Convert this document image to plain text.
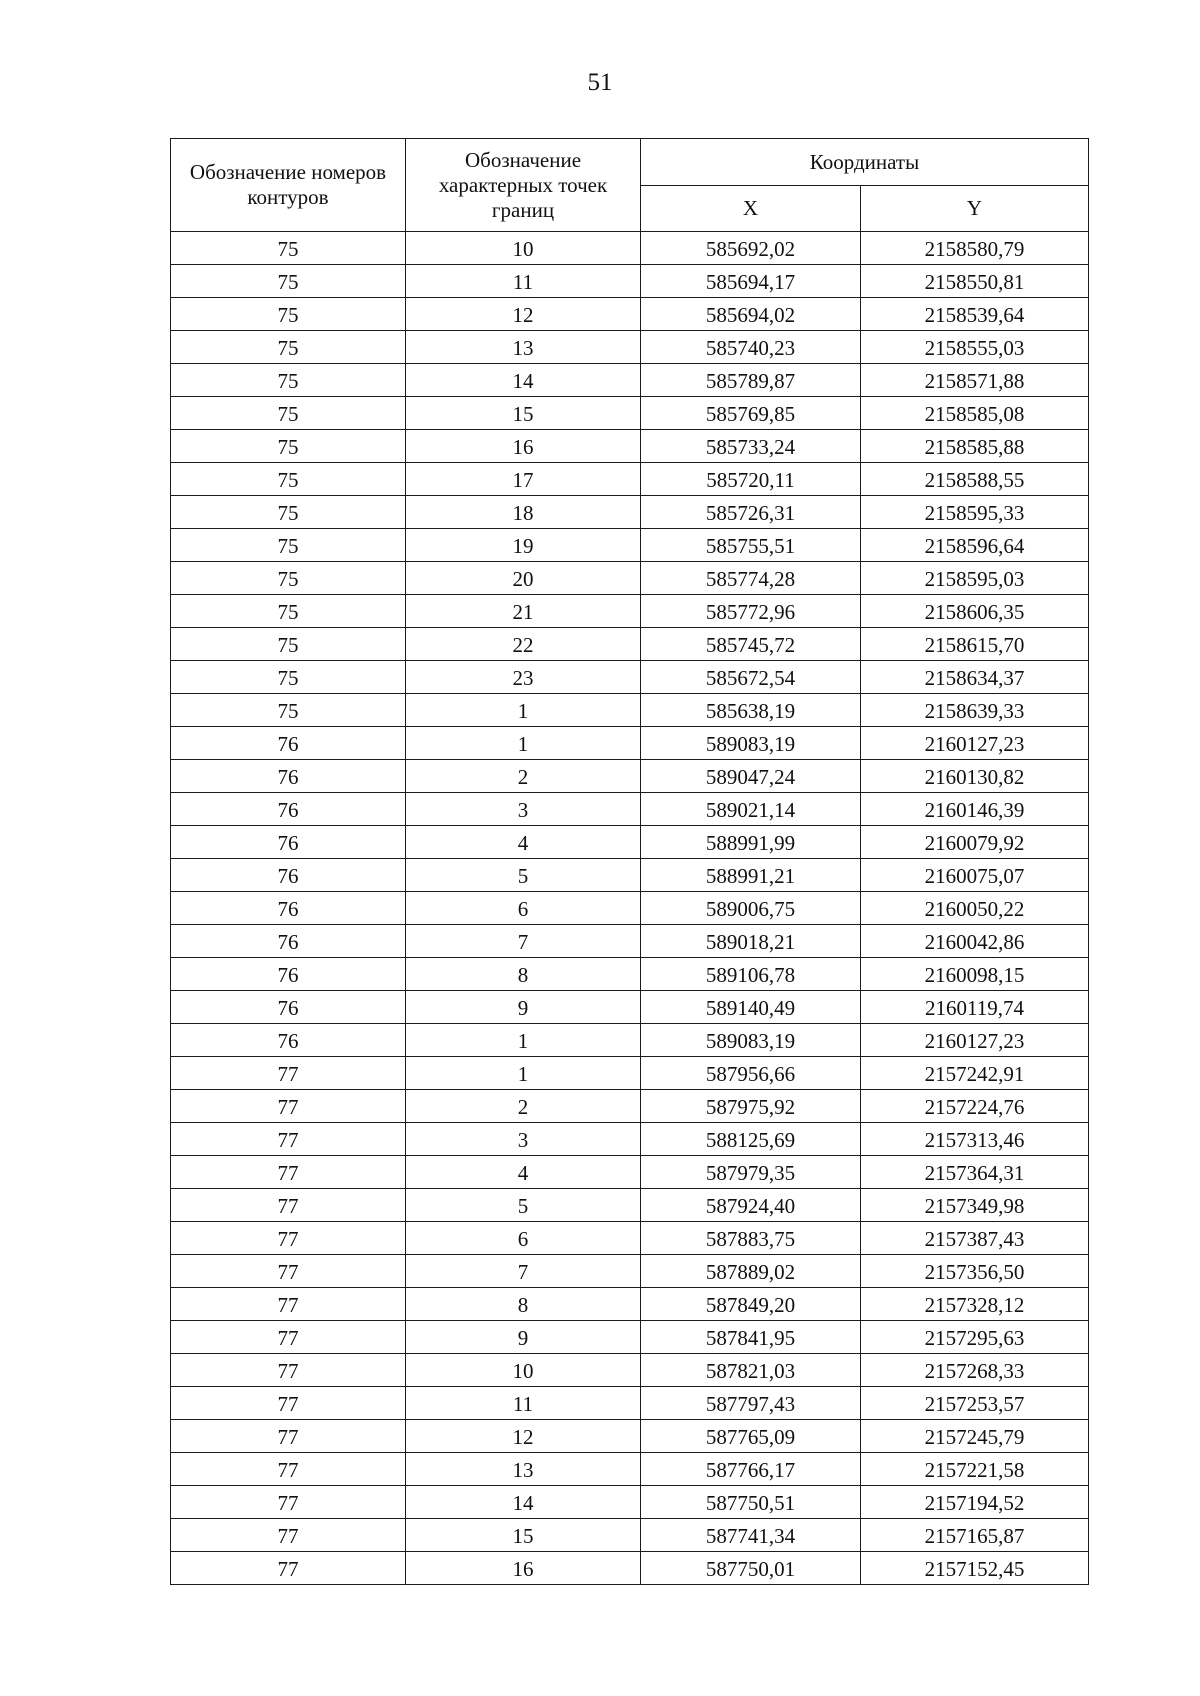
51
Обозначение номеров контуров	Обозначение характерных точек границ	Координаты	
		X	Y
75	10	585692,02	2158580,79
75	11	585694,17	2158550,81
75	12	585694,02	2158539,64
75	13	585740,23	2158555,03
75	14	585789,87	2158571,88
75	15	585769,85	2158585,08
75	16	585733,24	2158585,88
75	17	585720,11	2158588,55
75	18	585726,31	2158595,33
75	19	585755,51	2158596,64
75	20	585774,28	2158595,03
75	21	585772,96	2158606,35
75	22	585745,72	2158615,70
75	23	585672,54	2158634,37
75	1	585638,19	2158639,33
76	1	589083,19	2160127,23
76	2	589047,24	2160130,82
76	3	589021,14	2160146,39
76	4	588991,99	2160079,92
76	5	588991,21	2160075,07
76	6	589006,75	2160050,22
76	7	589018,21	2160042,86
76	8	589106,78	2160098,15
76	9	589140,49	2160119,74
76	1	589083,19	2160127,23
77	1	587956,66	2157242,91
77	2	587975,92	2157224,76
77	3	588125,69	2157313,46
77	4	587979,35	2157364,31
77	5	587924,40	2157349,98
77	6	587883,75	2157387,43
77	7	587889,02	2157356,50
77	8	587849,20	2157328,12
77	9	587841,95	2157295,63
77	10	587821,03	2157268,33
77	11	587797,43	2157253,57
77	12	587765,09	2157245,79
77	13	587766,17	2157221,58
77	14	587750,51	2157194,52
77	15	587741,34	2157165,87
77	16	587750,01	2157152,45
